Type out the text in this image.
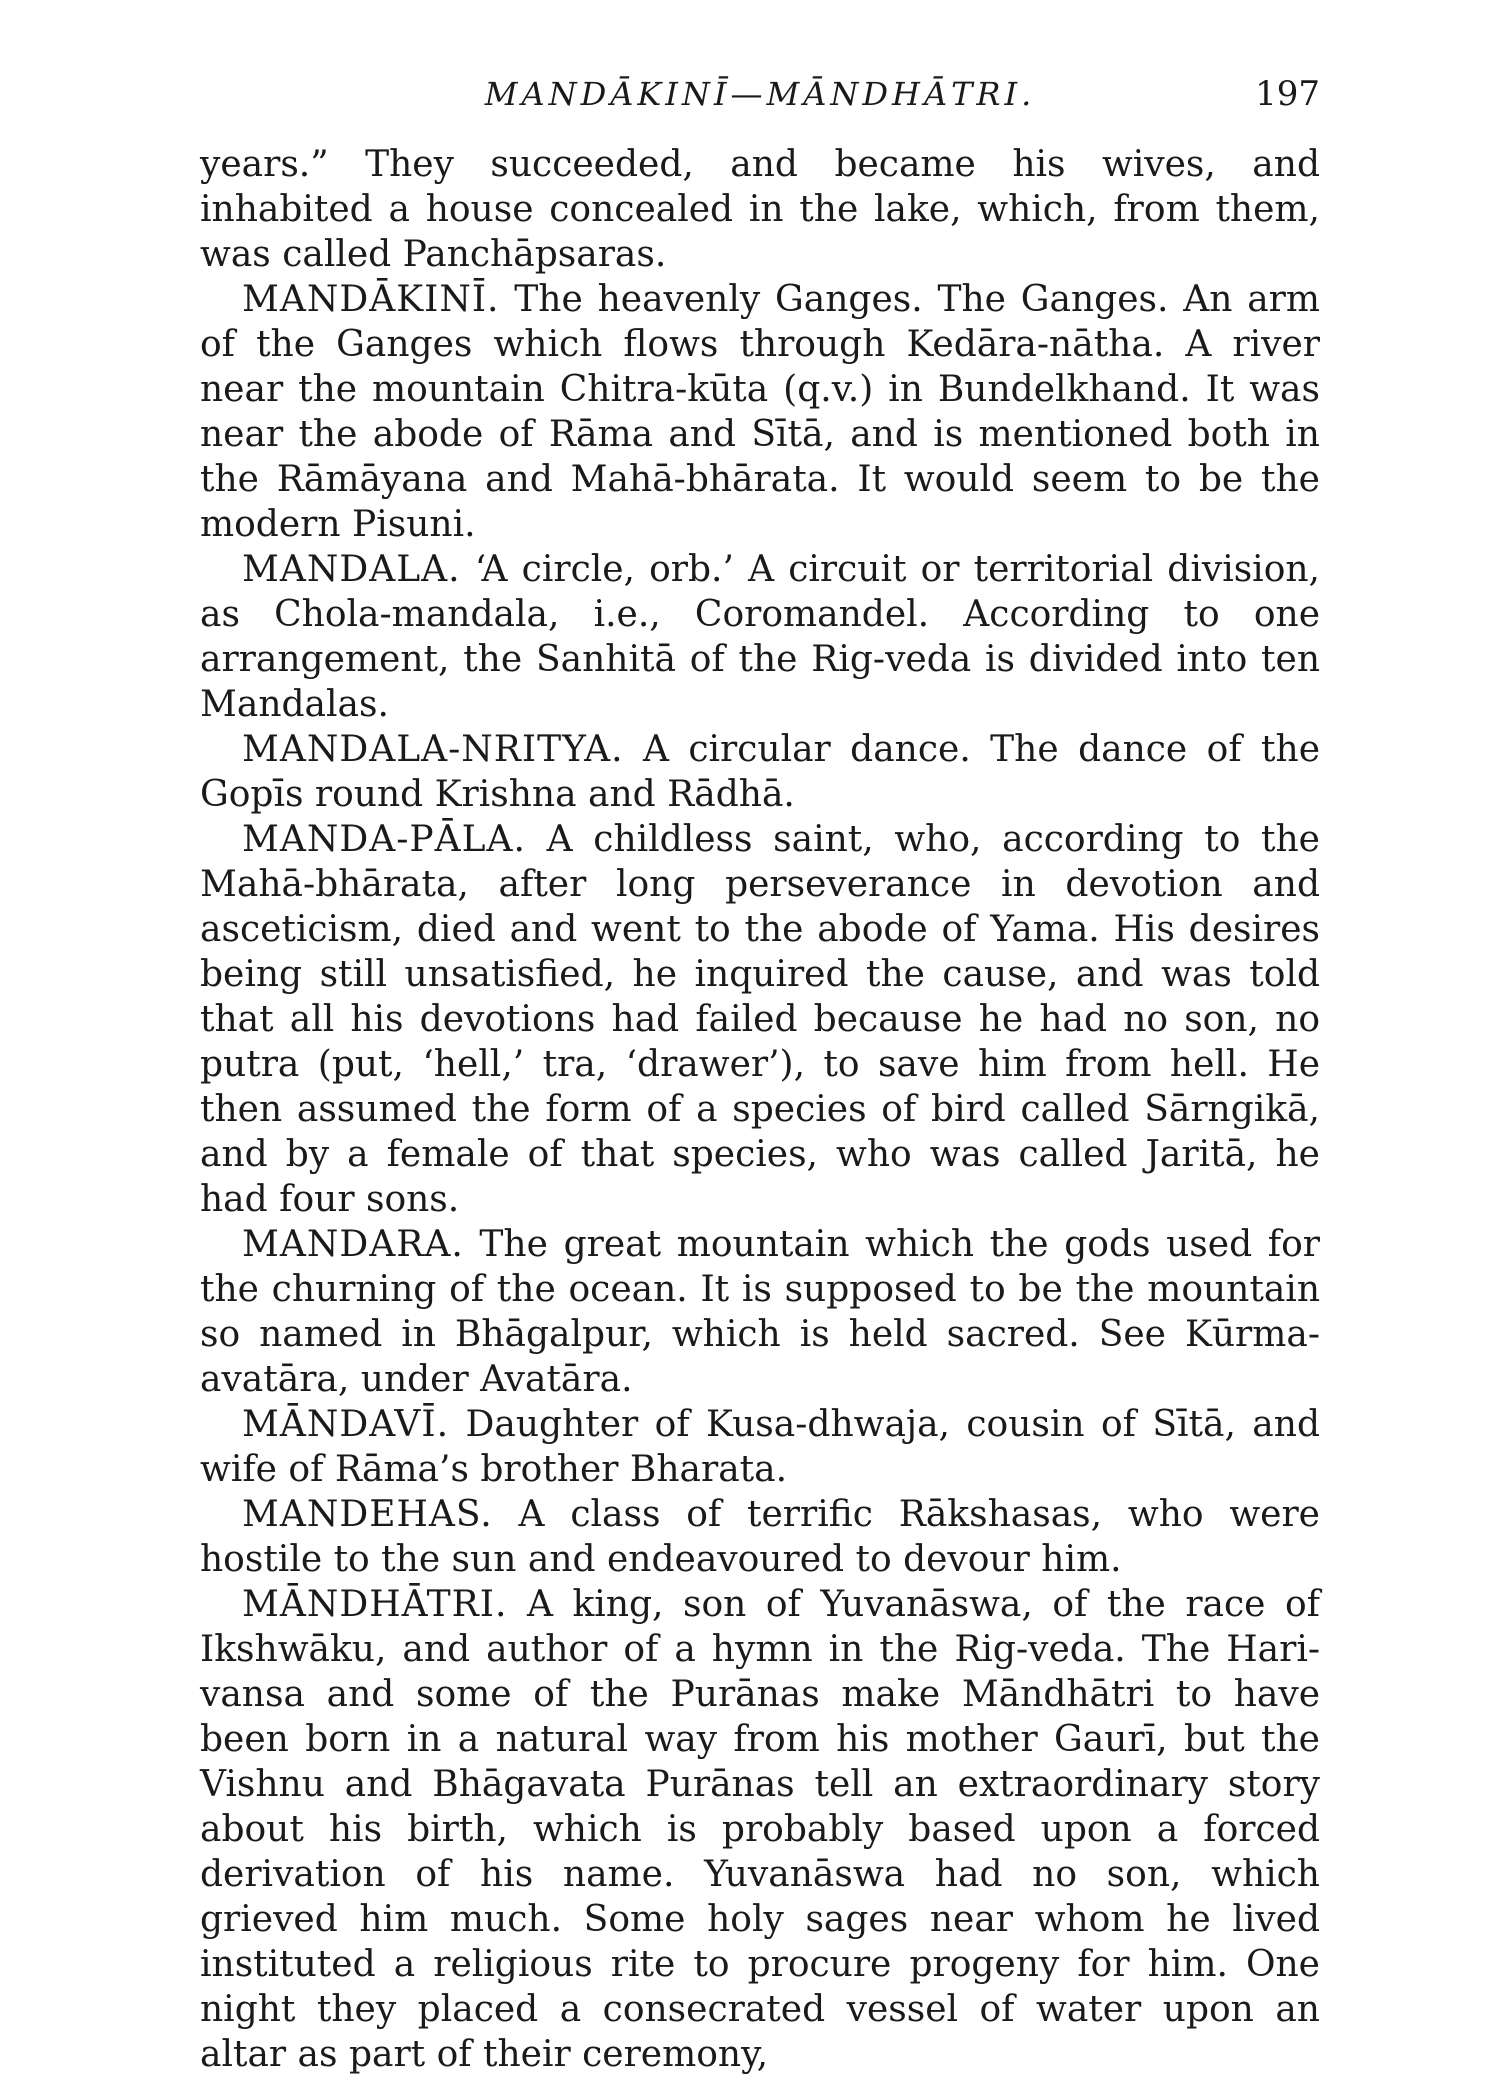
MANDĀKINĪ—MĀNDHĀTRI.	197

years.” They succeeded, and became his wives, and inhabited a house concealed in the lake, which, from them, was called Panchāpsaras.

MANDĀKINĪ. The heavenly Ganges. The Ganges. An arm of the Ganges which flows through Kedāra-nātha. A river near the mountain Chitra-kūta (q.v.) in Bundelkhand. It was near the abode of Rāma and Sītā, and is mentioned both in the Rāmāyana and Mahā-bhārata. It would seem to be the modern Pisuni.

MANDALA. ‘A circle, orb.’ A circuit or territorial division, as Chola-mandala, i.e., Coromandel. According to one arrangement, the Sanhitā of the Rig-veda is divided into ten Mandalas.

MANDALA-NRITYA. A circular dance. The dance of the Gopīs round Krishna and Rādhā.

MANDA-PĀLA. A childless saint, who, according to the Mahā-bhārata, after long perseverance in devotion and asceticism, died and went to the abode of Yama. His desires being still unsatisfied, he inquired the cause, and was told that all his devotions had failed because he had no son, no putra (put, ‘hell,’ tra, ‘drawer’), to save him from hell. He then assumed the form of a species of bird called Sārngikā, and by a female of that species, who was called Jaritā, he had four sons.

MANDARA. The great mountain which the gods used for the churning of the ocean. It is supposed to be the mountain so named in Bhāgalpur, which is held sacred. See Kūrma-avatāra, under Avatāra.

MĀNDAVĪ. Daughter of Kusa-dhwaja, cousin of Sītā, and wife of Rāma’s brother Bharata.

MANDEHAS. A class of terrific Rākshasas, who were hostile to the sun and endeavoured to devour him.

MĀNDHĀTRI. A king, son of Yuvanāswa, of the race of Ikshwāku, and author of a hymn in the Rig-veda. The Hari-vansa and some of the Purānas make Māndhātri to have been born in a natural way from his mother Gaurī, but the Vishnu and Bhāgavata Purānas tell an extraordinary story about his birth, which is probably based upon a forced derivation of his name. Yuvanāswa had no son, which grieved him much. Some holy sages near whom he lived instituted a religious rite to procure progeny for him. One night they placed a consecrated vessel of water upon an altar as part of their ceremony,
